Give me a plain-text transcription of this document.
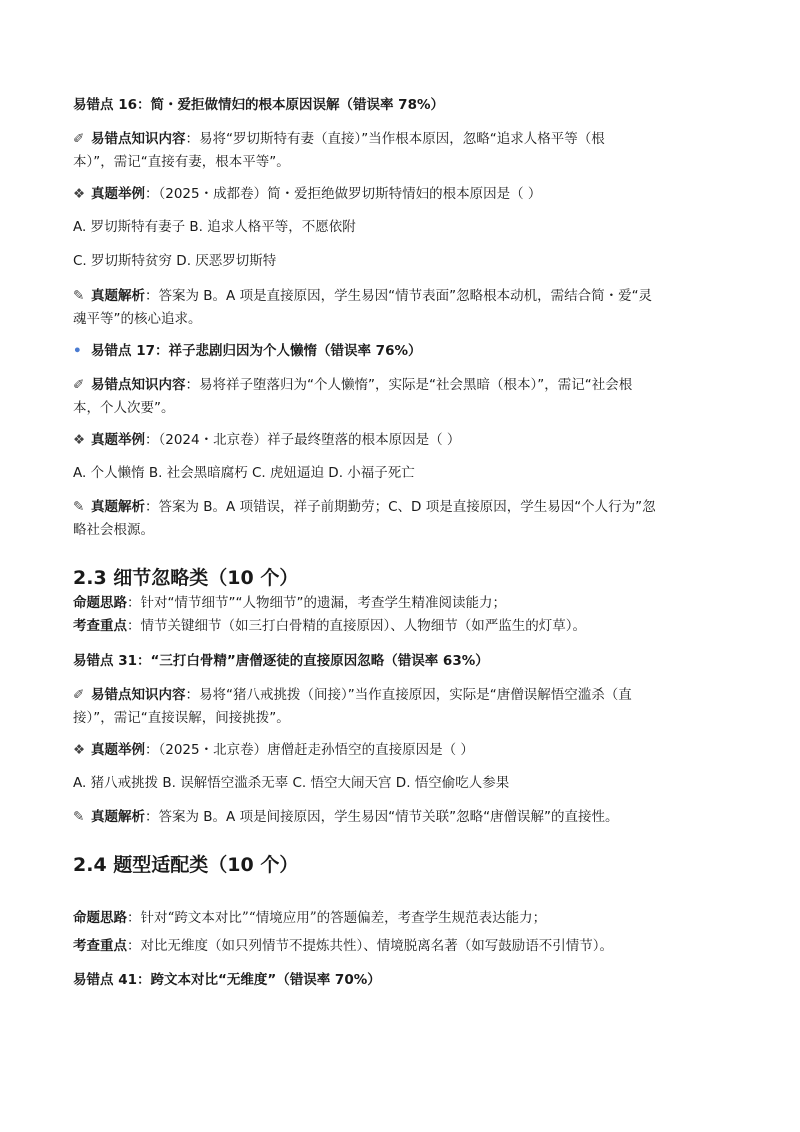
易错点 16：简・爱拒做情妇的根本原因误解（错误率 78%）
✐ 易错点知识内容：易将“罗切斯特有妻（直接）”当作根本原因，忽略“追求人格平等（根
本）”，需记“直接有妻，根本平等”。
❖ 真题举例：（2025・成都卷）简・爱拒绝做罗切斯特情妇的根本原因是（ ）
A. 罗切斯特有妻子 B. 追求人格平等，不愿依附
C. 罗切斯特贫穷 D. 厌恶罗切斯特
✎ 真题解析：答案为 B。A 项是直接原因，学生易因“情节表面”忽略根本动机，需结合简・爱“灵
魂平等”的核心追求。
• 易错点 17：祥子悲剧归因为个人懒惰（错误率 76%）
✐ 易错点知识内容：易将祥子堕落归为“个人懒惰”，实际是“社会黑暗（根本）”，需记“社会根
本，个人次要”。
❖ 真题举例：（2024・北京卷）祥子最终堕落的根本原因是（ ）
A. 个人懒惰 B. 社会黑暗腐朽 C. 虎妞逼迫 D. 小福子死亡
✎ 真题解析：答案为 B。A 项错误，祥子前期勤劳；C、D 项是直接原因，学生易因“个人行为”忽
略社会根源。
2.3 细节忽略类（10 个）
命题思路：针对“情节细节”“人物细节”的遗漏，考查学生精准阅读能力；
考查重点：情节关键细节（如三打白骨精的直接原因）、人物细节（如严监生的灯草）。
易错点 31：“三打白骨精”唐僧逐徒的直接原因忽略（错误率 63%）
✐ 易错点知识内容：易将“猪八戒挑拨（间接）”当作直接原因，实际是“唐僧误解悟空滥杀（直
接）”，需记“直接误解，间接挑拨”。
❖ 真题举例：（2025・北京卷）唐僧赶走孙悟空的直接原因是（ ）
A. 猪八戒挑拨 B. 误解悟空滥杀无辜 C. 悟空大闹天宫 D. 悟空偷吃人参果
✎ 真题解析：答案为 B。A 项是间接原因，学生易因“情节关联”忽略“唐僧误解”的直接性。
2.4 题型适配类（10 个）
命题思路：针对“跨文本对比”“情境应用”的答题偏差，考查学生规范表达能力；
考查重点：对比无维度（如只列情节不提炼共性）、情境脱离名著（如写鼓励语不引情节）。
易错点 41：跨文本对比“无维度”（错误率 70%）
